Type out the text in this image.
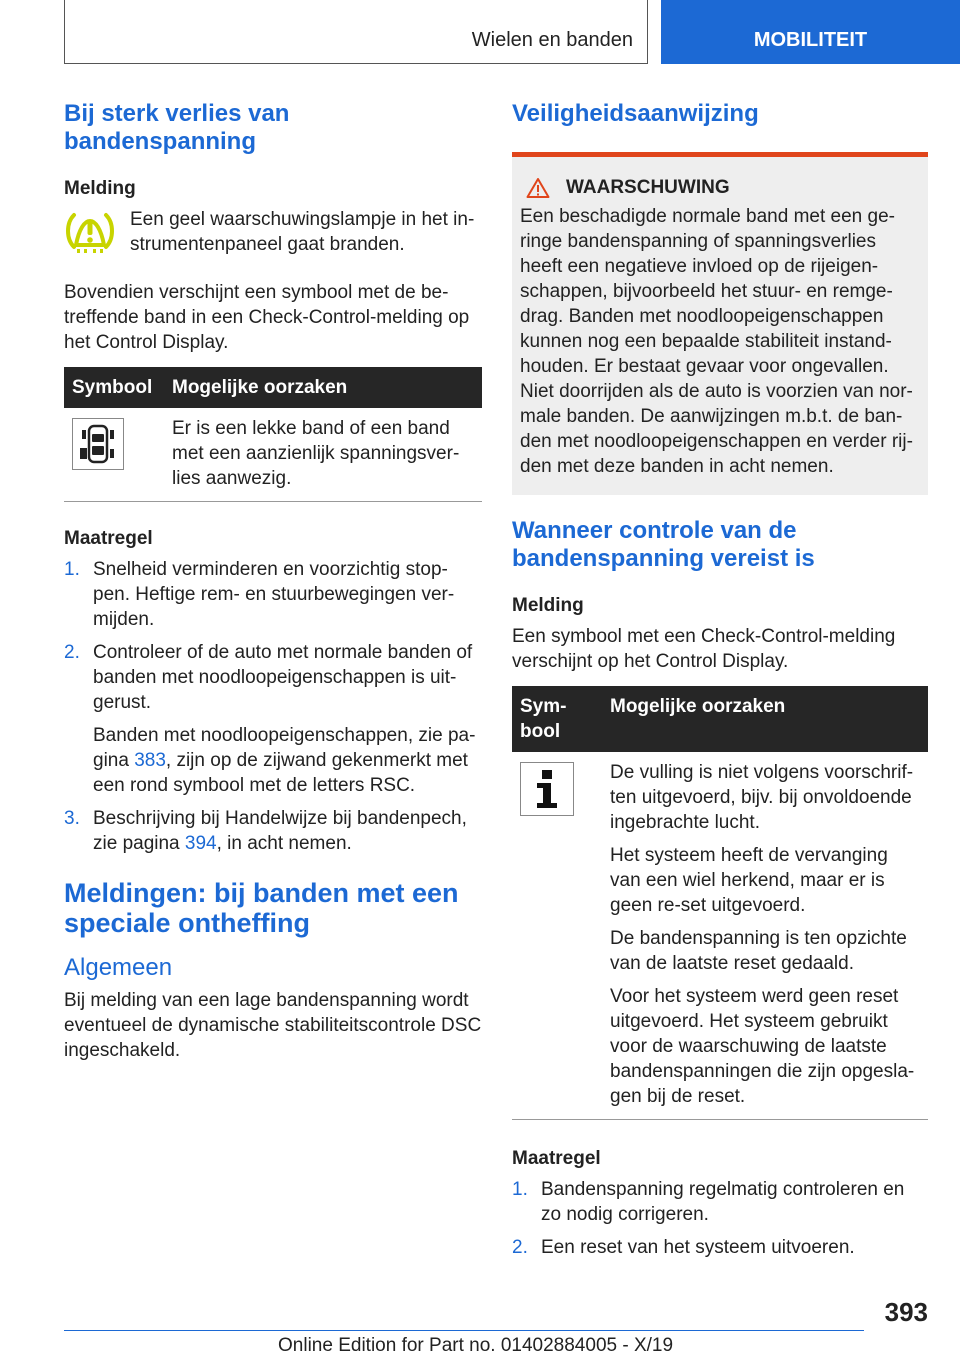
Wielen en banden	MOBILITEIT
Bij sterk verlies van bandenspanning
Melding
Een geel waarschuwingslampje in het in-strumentenpaneel gaat branden.

Bovendien verschijnt een symbool met de be-treffende band in een Check-Control-melding op het Control Display.

Symbool	Mogelijke oorzaken

	Er is een lekke band of een band met een aanzienlijk spanningsver-lies aanwezig.
Maatregel
1. Snelheid verminderen en voorzichtig stop-pen. Heftige rem- en stuurbewegingen ver-mijden.
2. Controleer of de auto met normale banden of banden met noodloopeigenschappen is uit-gerust.
Banden met noodloopeigenschappen, zie pa-gina 383, zijn op de zijwand gekenmerkt met een rond symbool met de letters RSC.
3. Beschrijving bij Handelwijze bij bandenpech, zie pagina 394, in acht nemen.
Meldingen: bij banden met een speciale ontheffing
Algemeen

Bij melding van een lage bandenspanning wordt eventueel de dynamische stabiliteitscontrole DSC ingeschakeld.

Veiligheidsaanwijzing
WAARSCHUWING
Een beschadigde normale band met een ge-ringe bandenspanning of spanningsverlies heeft een negatieve invloed op de rijeigen-schappen, bijvoorbeeld het stuur- en remge-drag. Banden met noodloopeigenschappen kunnen nog een bepaalde stabiliteit instand-houden. Er bestaat gevaar voor ongevallen. Niet doorrijden als de auto is voorzien van nor-male banden. De aanwijzingen m.b.t. de ban-den met noodloopeigenschappen en verder rij-den met deze banden in acht nemen.
Wanneer controle van de bandenspanning vereist is
Melding

Een symbool met een Check-Control-melding verschijnt op het Control Display.

Sym-bool	Mogelijke oorzaken

De vulling is niet volgens voorschrif-ten uitgevoerd, bijv. bij onvoldoende ingebrachte lucht.

Het systeem heeft de vervanging van een wiel herkend, maar er is geen re-set uitgevoerd.

De bandenspanning is ten opzichte van de laatste reset gedaald.

Voor het systeem werd geen reset uitgevoerd. Het systeem gebruikt voor de waarschuwing de laatste bandenspanningen die zijn opgesla-gen bij de reset.

Maatregel
1. Bandenspanning regelmatig controleren en zo nodig corrigeren.
2. Een reset van het systeem uitvoeren.
393
Online Edition for Part no. 01402884005 - X/19
